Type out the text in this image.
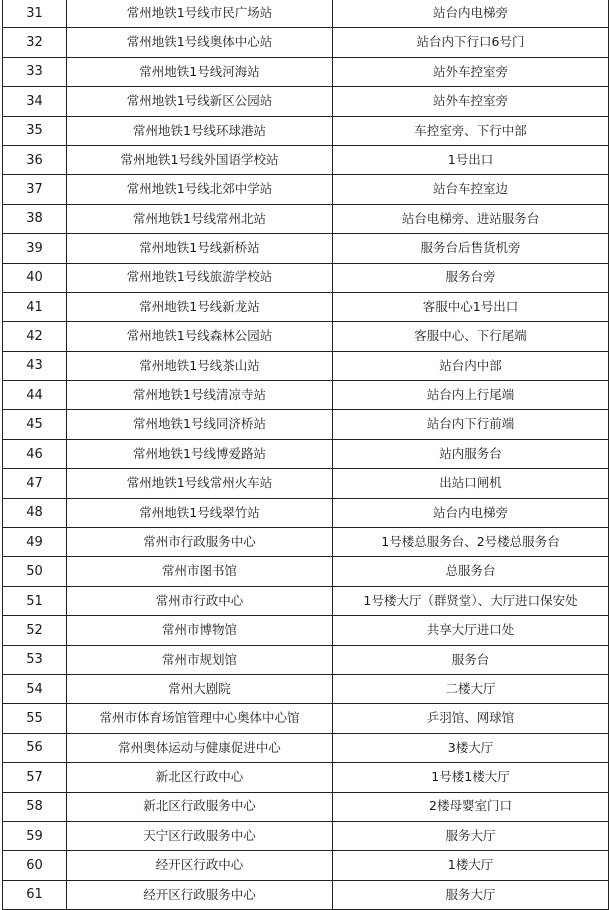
31	常州地铁1号线市民广场站	站台内电梯旁
32	常州地铁1号线奥体中心站	站台内下行口6号门
33	常州地铁1号线河海站	站外车控室旁
34	常州地铁1号线新区公园站	站外车控室旁
35	常州地铁1号线环球港站	车控室旁、下行中部
36	常州地铁1号线外国语学校站	1号出口
37	常州地铁1号线北郊中学站	站台车控室边
38	常州地铁1号线常州北站	站台电梯旁、进站服务台
39	常州地铁1号线新桥站	服务台后售货机旁
40	常州地铁1号线旅游学校站	服务台旁
41	常州地铁1号线新龙站	客服中心1号出口
42	常州地铁1号线森林公园站	客服中心、下行尾端
43	常州地铁1号线茶山站	站台内中部
44	常州地铁1号线清凉寺站	站台内上行尾端
45	常州地铁1号线同济桥站	站台内下行前端
46	常州地铁1号线博爱路站	站内服务台
47	常州地铁1号线常州火车站	出站口闸机
48	常州地铁1号线翠竹站	站台内电梯旁
49	常州市行政服务中心	1号楼总服务台、2号楼总服务台
50	常州市图书馆	总服务台
51	常州市行政中心	1号楼大厅（群贤堂）、大厅进口保安处
52	常州市博物馆	共享大厅进口处
53	常州市规划馆	服务台
54	常州大剧院	二楼大厅
55	常州市体育场馆管理中心奥体中心馆	乒羽馆、网球馆
56	常州奥体运动与健康促进中心	3楼大厅
57	新北区行政中心	1号楼1楼大厅
58	新北区行政服务中心	2楼母婴室门口
59	天宁区行政服务中心	服务大厅
60	经开区行政中心	1楼大厅
61	经开区行政服务中心	服务大厅
